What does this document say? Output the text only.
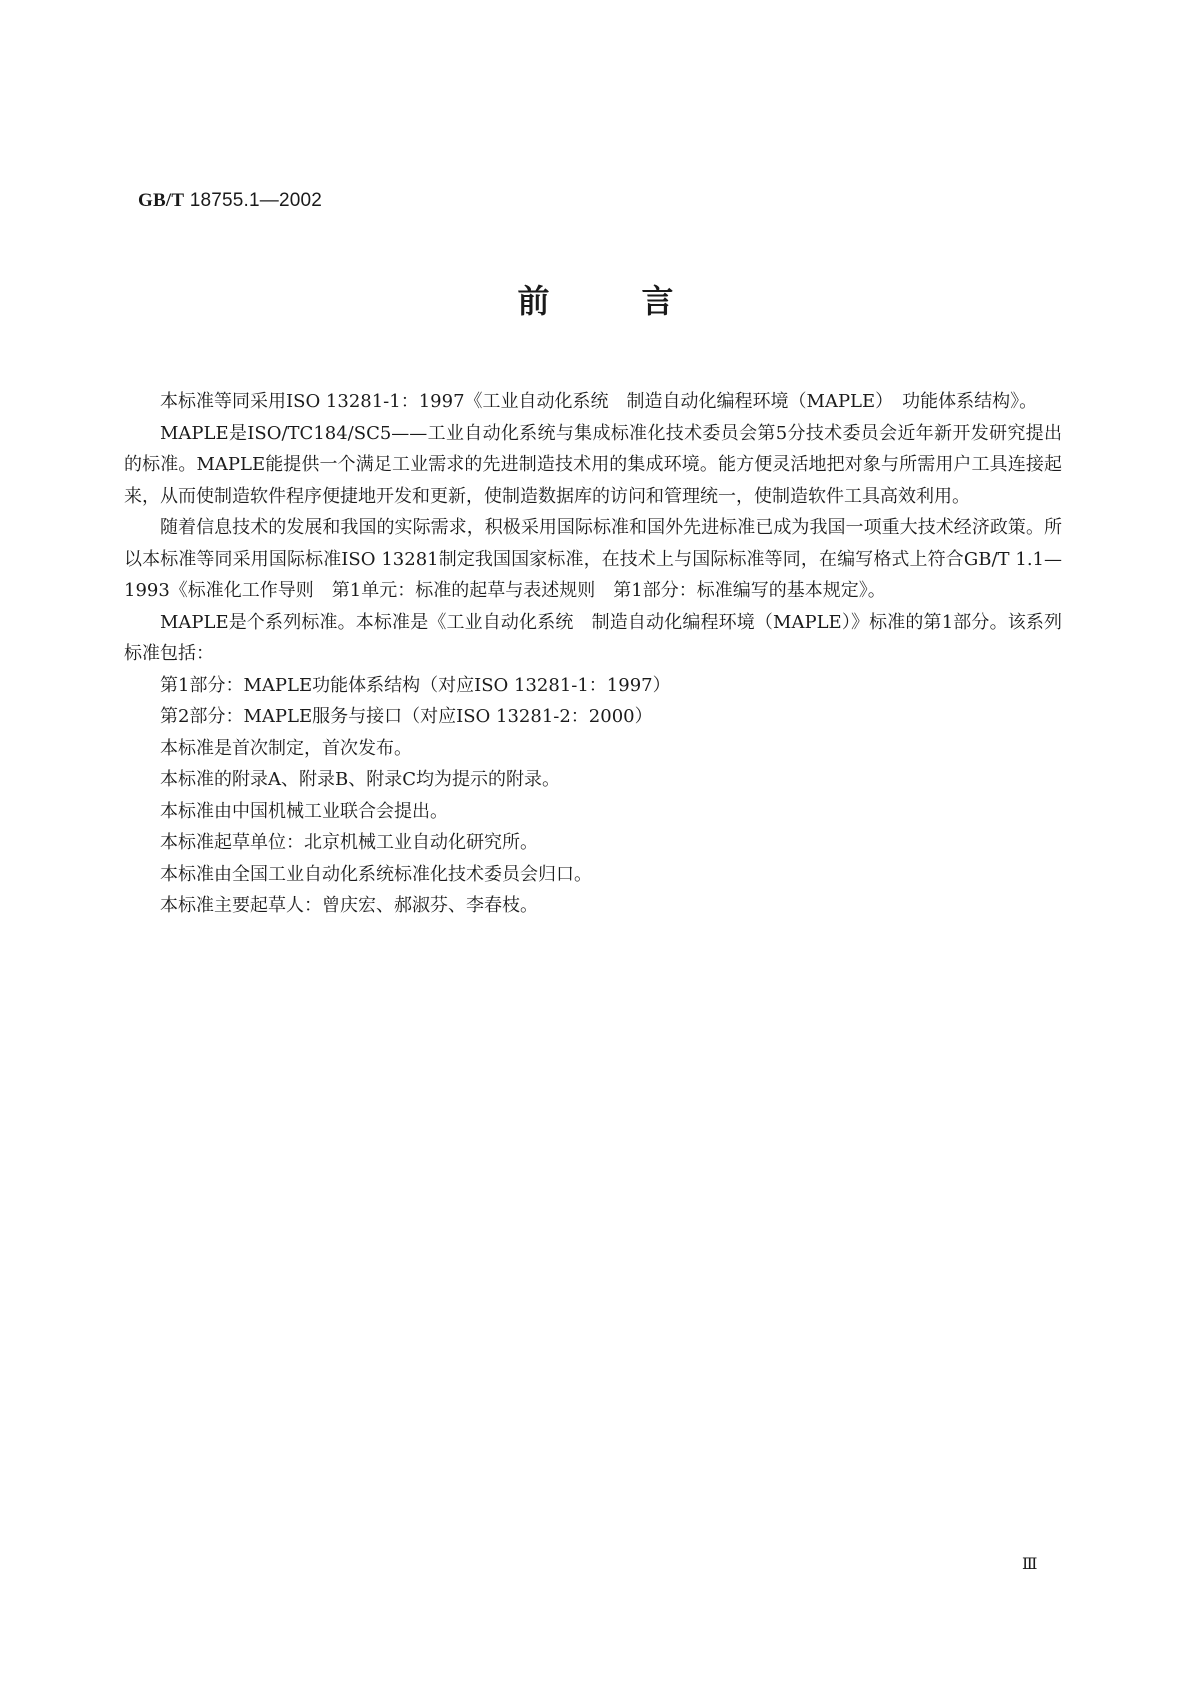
GB/T 18755.1—2002
前言

本标准等同采用ISO 13281-1：1997《工业自动化系统　制造自动化编程环境（MAPLE）　功能体系结构》。

MAPLE是ISO/TC184/SC5——工业自动化系统与集成标准化技术委员会第5分技术委员会近年新开发研究提出的标准。MAPLE能提供一个满足工业需求的先进制造技术用的集成环境。能方便灵活地把对象与所需用户工具连接起来，从而使制造软件程序便捷地开发和更新，使制造数据库的访问和管理统一，使制造软件工具高效利用。

随着信息技术的发展和我国的实际需求，积极采用国际标准和国外先进标准已成为我国一项重大技术经济政策。所以本标准等同采用国际标准ISO 13281制定我国国家标准，在技术上与国际标准等同，在编写格式上符合GB/T 1.1—1993《标准化工作导则　第1单元：标准的起草与表述规则　第1部分：标准编写的基本规定》。

MAPLE是个系列标准。本标准是《工业自动化系统　制造自动化编程环境（MAPLE）》标准的第1部分。该系列标准包括：

第1部分：MAPLE功能体系结构（对应ISO 13281-1：1997）

第2部分：MAPLE服务与接口（对应ISO 13281-2：2000）

本标准是首次制定，首次发布。

本标准的附录A、附录B、附录C均为提示的附录。

本标准由中国机械工业联合会提出。

本标准起草单位：北京机械工业自动化研究所。

本标准由全国工业自动化系统标准化技术委员会归口。

本标准主要起草人：曾庆宏、郝淑芬、李春枝。

Ⅲ
